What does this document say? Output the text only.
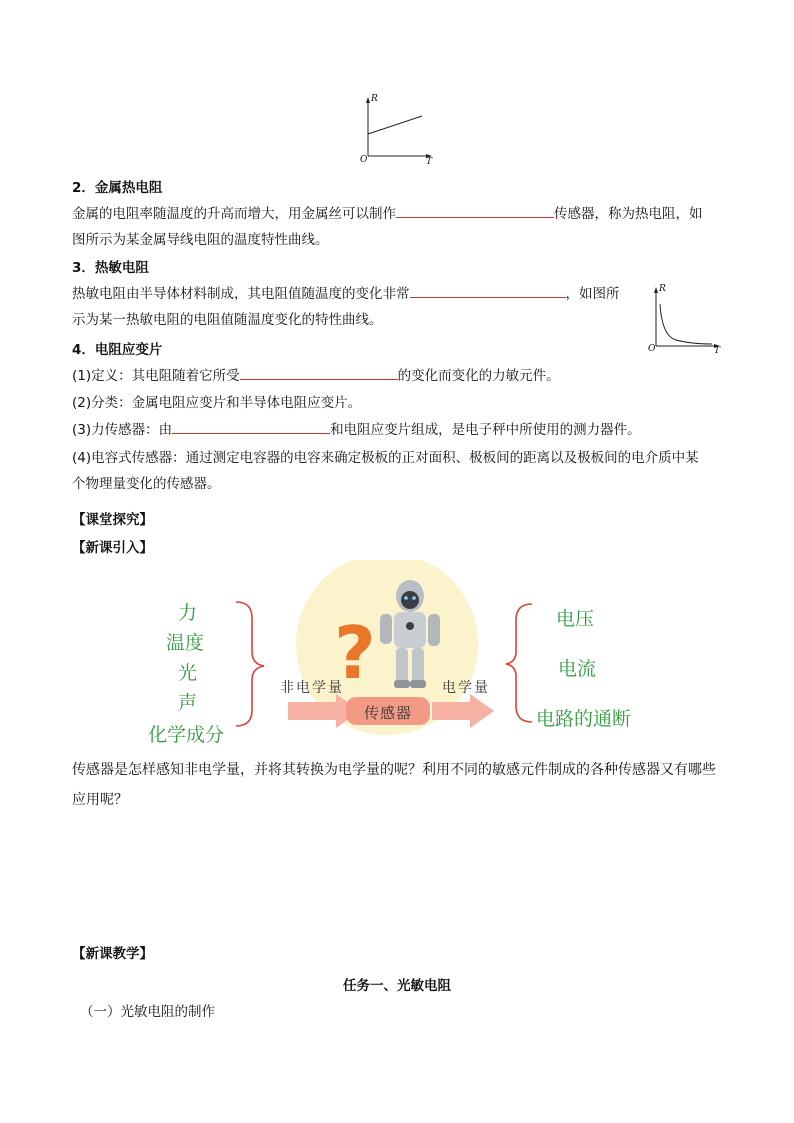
R
O	T
2．金属热电阻
金属的电阻率随温度的升高而增大，用金属丝可以制作	传感器，称为热电阻，如
图所示为某金属导线电阻的温度特性曲线。
3．热敏电阻
热敏电阻由半导体材料制成，其电阻值随温度的变化非常	，如图所
示为某一热敏电阻的电阻值随温度变化的特性曲线。
R
O	T
4．电阻应变片
(1)定义：其电阻随着它所受	的变化而变化的力敏元件。
(2)分类：金属电阻应变片和半导体电阻应变片。
(3)力传感器：由	和电阻应变片组成，是电子秤中所使用的测力器件。
(4)电容式传感器：通过测定电容器的电容来确定极板的正对面积、极板间的距离以及极板间的电介质中某
个物理量变化的传感器。
【课堂探究】
【新课引入】
?
力
温度
光
声
化学成分
电压
电流
电路的通断
非电学量	电学量
传感器
传感器是怎样感知非电学量，并将其转换为电学量的呢？利用不同的敏感元件制成的各种传感器又有哪些
应用呢？
【新课教学】
任务一、光敏电阻
（一）光敏电阻的制作
